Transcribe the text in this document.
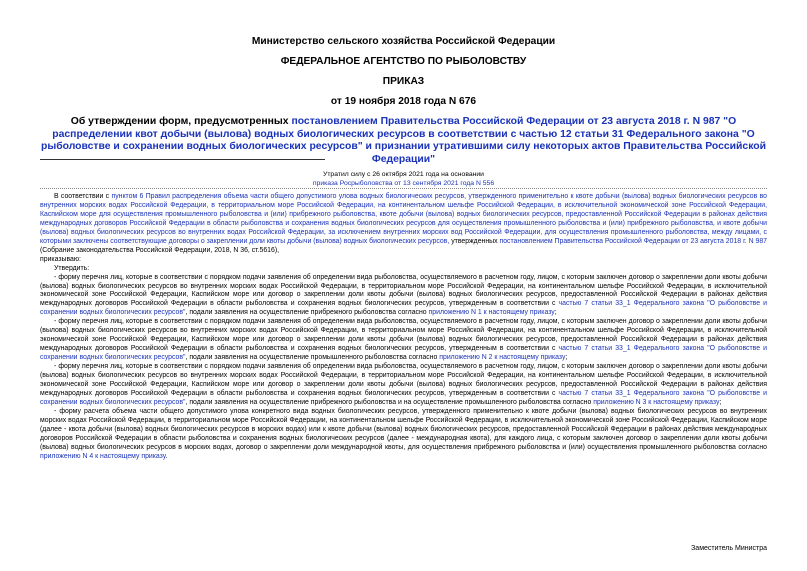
Министерство сельского хозяйства Российской Федерации
ФЕДЕРАЛЬНОЕ АГЕНТСТВО ПО РЫБОЛОВСТВУ
ПРИКАЗ
от 19 ноября 2018 года N 676
Об утверждении форм, предусмотренных постановлением Правительства Российской Федерации от 23 августа 2018 г. N 987 "О распределении квот добычи (вылова) водных биологических ресурсов в соответствии с частью 12 статьи 31 Федерального закона "О рыболовстве и сохранении водных биологических ресурсов" и признании утратившими силу некоторых актов Правительства Российской Федерации"
Утратил силу с 26 октября 2021 года на основании
приказа Росрыболовства от 13 сентября 2021 года N 556

В соответствии с пунктом 6 Правил распределения объема части общего допустимого улова водных биологических ресурсов, утвержденного применительно к квоте добычи (вылова) водных биологических ресурсов во внутренних морских водах Российской Федерации, в территориальном море Российской Федерации, на континентальном шельфе Российской Федерации, в исключительной экономической зоне Российской Федерации, Каспийском море для осуществления промышленного рыболовства и (или) прибрежного рыболовства, квоте добычи (вылова) водных биологических ресурсов, предоставленной Российской Федерации в районах действия международных договоров Российской Федерации в области рыболовства и сохранения водных биологических ресурсов для осуществления промышленного рыболовства и (или) прибрежного рыболовства, и квоте добычи (вылова) водных биологических ресурсов во внутренних водах Российской Федерации, за исключением внутренних морских вод Российской Федерации, для осуществления промышленного рыболовства, между лицами, с которыми заключены соответствующие договоры о закреплении доли квоты добычи (вылова) водных биологических ресурсов, утвержденных постановлением Правительства Российской Федерации от 23 августа 2018 г. N 987 (Собрание законодательства Российской Федерации, 2018, N 36, ст.5616),

приказываю:

Утвердить:

- форму перечня лиц, которые в соответствии с порядком подачи заявления об определении вида рыболовства, осуществляемого в расчетном году, лицом, с которым заключен договор о закреплении доли квоты добычи (вылова) водных биологических ресурсов во внутренних морских водах Российской Федерации, в территориальном море Российской Федерации, на континентальном шельфе Российской Федерации, в исключительной экономической зоне Российской Федерации, Каспийском море или договор о закреплении доли квоты добычи (вылова) водных биологических ресурсов, предоставленной Российской Федерации в районах действия международных договоров Российской Федерации в области рыболовства и сохранения водных биологических ресурсов, утвержденным в соответствии с частью 7 статьи 33_1 Федерального закона "О рыболовстве и сохранении водных биологических ресурсов", подали заявления на осуществление прибрежного рыболовства согласно приложению N 1 к настоящему приказу;

- форму перечня лиц, которые в соответствии с порядком подачи заявления об определении вида рыболовства, осуществляемого в расчетном году, лицом, с которым заключен договор о закреплении доли квоты добычи (вылова) водных биологических ресурсов во внутренних морских водах Российской Федерации, в территориальном море Российской Федерации, на континентальном шельфе Российской Федерации, в исключительной экономической зоне Российской Федерации, Каспийском море или договор о закреплении доли квоты добычи (вылова) водных биологических ресурсов, предоставленной Российской Федерации в районах действия международных договоров Российской Федерации в области рыболовства и сохранения водных биологических ресурсов, утвержденным в соответствии с частью 7 статьи 33_1 Федерального закона "О рыболовстве и сохранении водных биологических ресурсов", подали заявления на осуществление промышленного рыболовства согласно приложению N 2 к настоящему приказу;

- форму перечня лиц, которые в соответствии с порядком подачи заявления об определении вида рыболовства, осуществляемого в расчетном году, лицом, с которым заключен договор о закреплении доли квоты добычи (вылова) водных биологических ресурсов во внутренних морских водах Российской Федерации, в территориальном море Российской Федерации, на континентальном шельфе Российской Федерации, в исключительной экономической зоне Российской Федерации, Каспийском море или договор о закреплении доли квоты добычи (вылова) водных биологических ресурсов, предоставленной Российской Федерации в районах действия международных договоров Российской Федерации в области рыболовства и сохранения водных биологических ресурсов, утвержденным в соответствии с частью 7 статьи 33_1 Федерального закона "О рыболовстве и сохранении водных биологических ресурсов", подали заявления на осуществление прибрежного рыболовства и на осуществление промышленного рыболовства согласно приложению N 3 к настоящему приказу;

- форму расчета объема части общего допустимого улова конкретного вида водных биологических ресурсов, утвержденного применительно к квоте добычи (вылова) водных биологических ресурсов во внутренних морских водах Российской Федерации, в территориальном море Российской Федерации, на континентальном шельфе Российской Федерации, в исключительной экономической зоне Российской Федерации, Каспийском море (далее - квота добычи (вылова) водных биологических ресурсов в морских водах) или к квоте добычи (вылова) водных биологических ресурсов, предоставленной Российской Федерации в районах действия международных договоров Российской Федерации в области рыболовства и сохранения водных биологических ресурсов (далее - международная квота), для каждого лица, с которым заключен договор о закреплении доли квоты добычи (вылова) водных биологических ресурсов в морских водах, договор о закреплении доли международной квоты, для осуществления прибрежного рыболовства и (или) осуществления промышленного рыболовства согласно приложению N 4 к настоящему приказу.

Заместитель Министра
